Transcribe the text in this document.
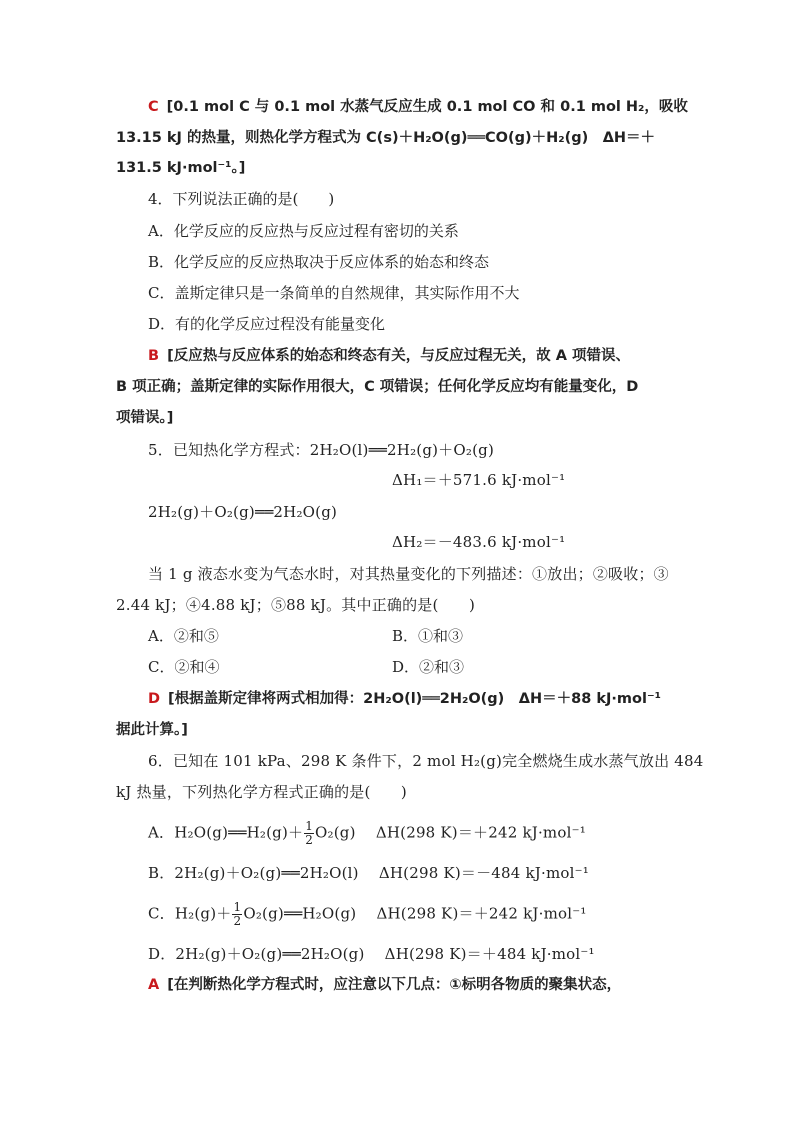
C [0.1 mol C 与 0.1 mol 水蒸气反应生成 0.1 mol CO 和 0.1 mol H₂，吸收
13.15 kJ 的热量，则热化学方程式为 C(s)＋H₂O(g)══CO(g)＋H₂(g)　ΔH＝＋
131.5 kJ·mol⁻¹。]
4．下列说法正确的是(　　)
A．化学反应的反应热与反应过程有密切的关系
B．化学反应的反应热取决于反应体系的始态和终态
C．盖斯定律只是一条简单的自然规律，其实际作用不大
D．有的化学反应过程没有能量变化
B [反应热与反应体系的始态和终态有关，与反应过程无关，故 A 项错误、
B 项正确；盖斯定律的实际作用很大，C 项错误；任何化学反应均有能量变化，D
项错误。]
5．已知热化学方程式：2H₂O(l)══2H₂(g)＋O₂(g)
ΔH₁＝＋571.6 kJ·mol⁻¹
2H₂(g)＋O₂(g)══2H₂O(g)
ΔH₂＝－483.6 kJ·mol⁻¹
当 1 g 液态水变为气态水时，对其热量变化的下列描述：①放出；②吸收；③
2.44 kJ；④4.88 kJ；⑤88 kJ。其中正确的是(　　)
A．②和⑤	B．①和③
C．②和④	D．②和③
D [根据盖斯定律将两式相加得：2H₂O(l)══2H₂O(g)　ΔH＝＋88 kJ·mol⁻¹
据此计算。]
6．已知在 101 kPa、298 K 条件下，2 mol H₂(g)完全燃烧生成水蒸气放出 484
kJ 热量，下列热化学方程式正确的是(　　)
A．H₂O(g)══H₂(g)＋ $\frac{1}{2} O_2(g)$　 ΔH(298 K)＝＋242 kJ·mol⁻¹
B．2H₂(g)＋O₂(g)══2H₂O(l)　 ΔH(298 K)＝－484 kJ·mol⁻¹
C．$H_2(g)+ \frac{1}{2}$ O₂(g)══H₂O(g)　 ΔH(298 K)＝＋242 kJ·mol⁻¹
D．2H₂(g)＋O₂(g)══2H₂O(g)　 ΔH(298 K)＝＋484 kJ·mol⁻¹
A [在判断热化学方程式时，应注意以下几点：①标明各物质的聚集状态，
